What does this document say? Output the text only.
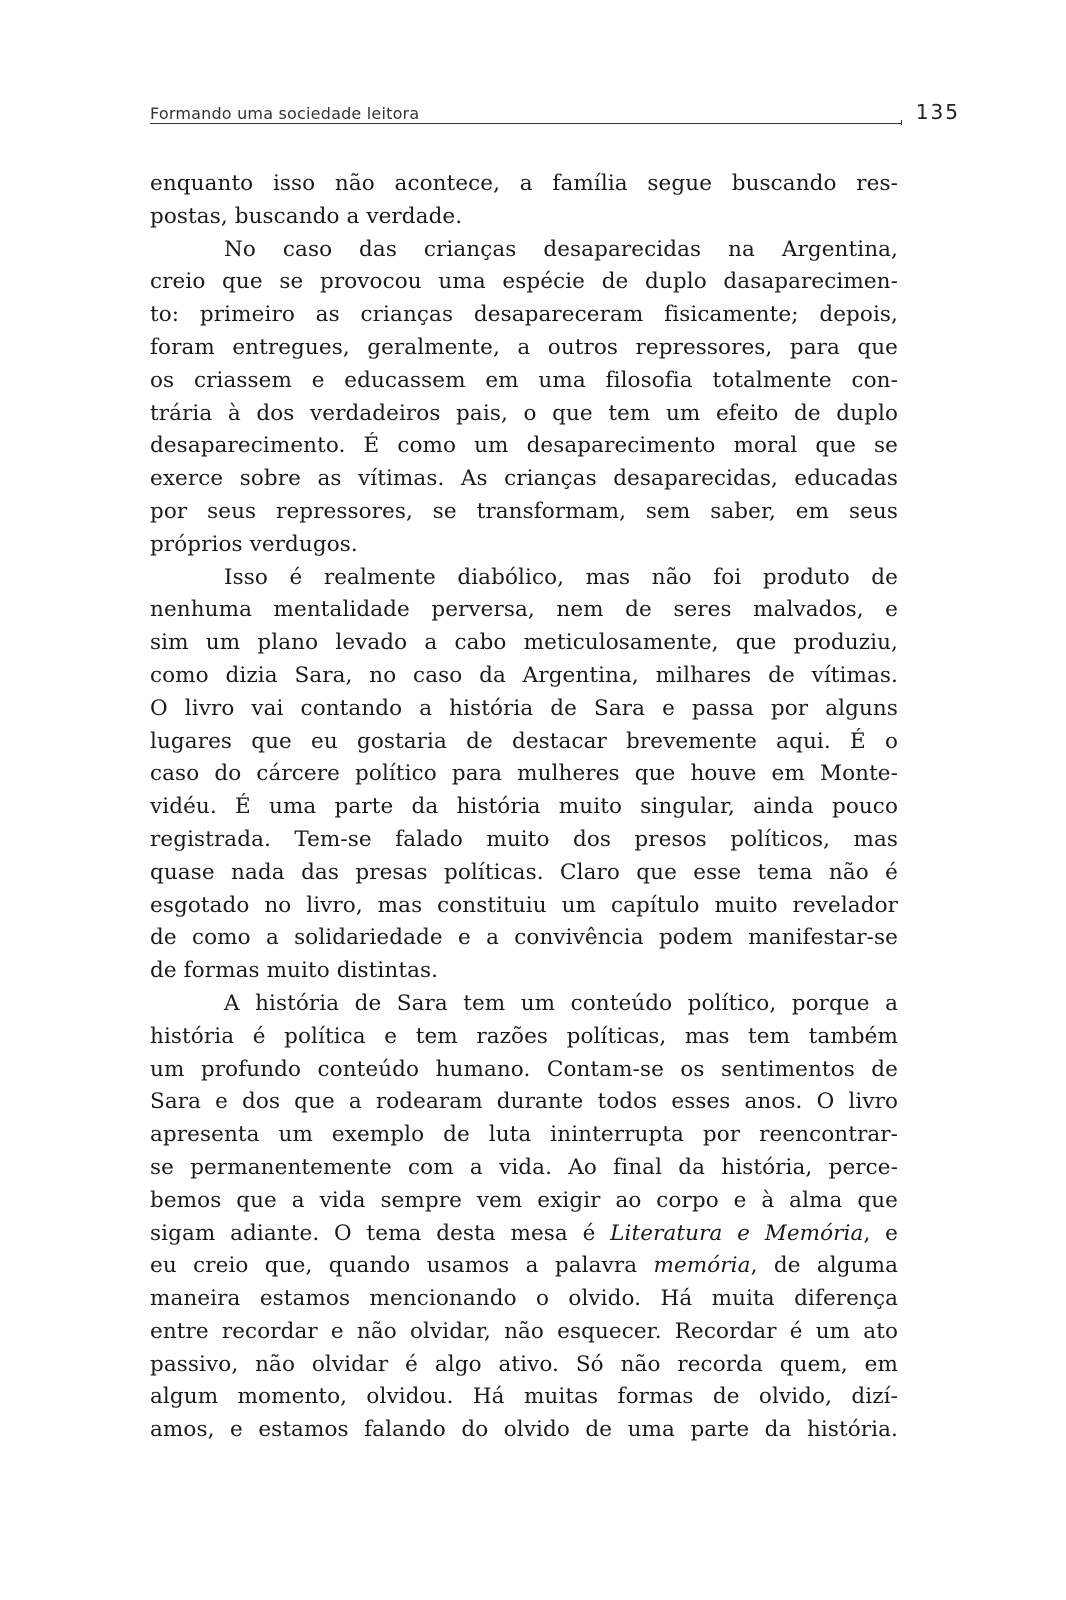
Formando uma sociedade leitora	135

enquanto isso não acontece, a família segue buscando res-
postas, buscando a verdade.

No caso das crianças desaparecidas na Argentina,
creio que se provocou uma espécie de duplo dasaparecimen-
to: primeiro as crianças desapareceram fisicamente; depois,
foram entregues, geralmente, a outros repressores, para que
os criassem e educassem em uma filosofia totalmente con-
trária à dos verdadeiros pais, o que tem um efeito de duplo
desaparecimento. É como um desaparecimento moral que se
exerce sobre as vítimas. As crianças desaparecidas, educadas
por seus repressores, se transformam, sem saber, em seus
próprios verdugos.

Isso é realmente diabólico, mas não foi produto de
nenhuma mentalidade perversa, nem de seres malvados, e
sim um plano levado a cabo meticulosamente, que produziu,
como dizia Sara, no caso da Argentina, milhares de vítimas.
O livro vai contando a história de Sara e passa por alguns
lugares que eu gostaria de destacar brevemente aqui. É o
caso do cárcere político para mulheres que houve em Monte-
vidéu. É uma parte da história muito singular, ainda pouco
registrada. Tem-se falado muito dos presos políticos, mas
quase nada das presas políticas. Claro que esse tema não é
esgotado no livro, mas constituiu um capítulo muito revelador
de como a solidariedade e a convivência podem manifestar-se
de formas muito distintas.

A história de Sara tem um conteúdo político, porque a
história é política e tem razões políticas, mas tem também
um profundo conteúdo humano. Contam-se os sentimentos de
Sara e dos que a rodearam durante todos esses anos. O livro
apresenta um exemplo de luta ininterrupta por reencontrar-
se permanentemente com a vida. Ao final da história, perce-
bemos que a vida sempre vem exigir ao corpo e à alma que
sigam adiante. O tema desta mesa é Literatura e Memória, e
eu creio que, quando usamos a palavra memória, de alguma
maneira estamos mencionando o olvido. Há muita diferença
entre recordar e não olvidar, não esquecer. Recordar é um ato
passivo, não olvidar é algo ativo. Só não recorda quem, em
algum momento, olvidou. Há muitas formas de olvido, dizí-
amos, e estamos falando do olvido de uma parte da história.
